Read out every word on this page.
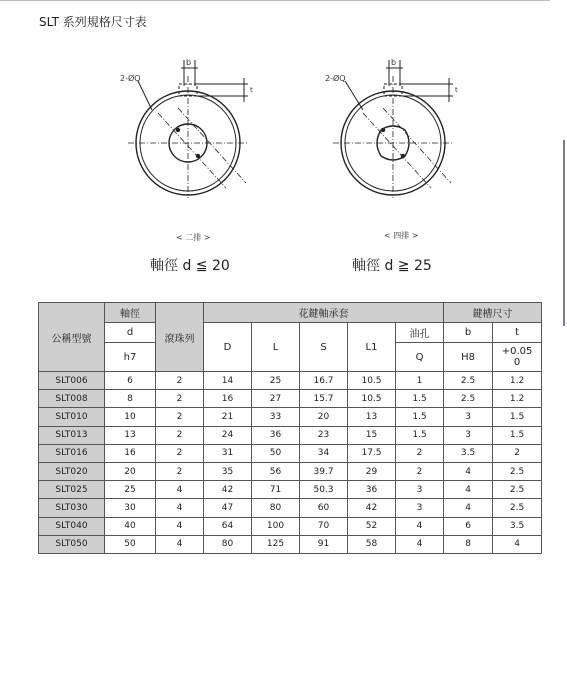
SLT 系列規格尺寸表
2-ØQ
b
t
2-ØQ
b
t
< 二排 >	< 四排 >
軸徑 d ≦ 20	軸徑 d ≧ 25
公稱型號	軸徑	滾珠列	花鍵軸承套					鍵槽尺寸	
	d		D	L	S	L1	油孔	b	t
	h7						Q	H8	+0.05
0
SLT006	6	2	14	25	16.7	10.5	1	2.5	1.2
SLT008	8	2	16	27	15.7	10.5	1.5	2.5	1.2
SLT010	10	2	21	33	20	13	1.5	3	1.5
SLT013	13	2	24	36	23	15	1.5	3	1.5
SLT016	16	2	31	50	34	17.5	2	3.5	2
SLT020	20	2	35	56	39.7	29	2	4	2.5
SLT025	25	4	42	71	50.3	36	3	4	2.5
SLT030	30	4	47	80	60	42	3	4	2.5
SLT040	40	4	64	100	70	52	4	6	3.5
SLT050	50	4	80	125	91	58	4	8	4
